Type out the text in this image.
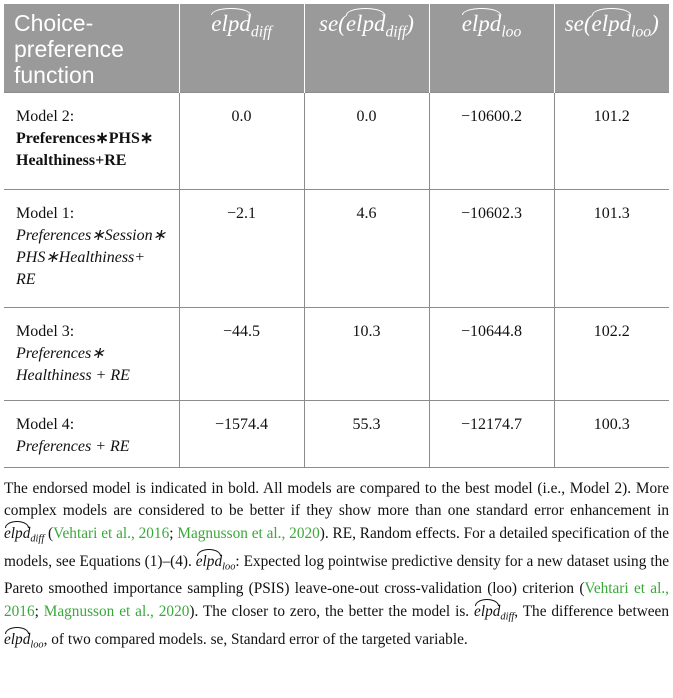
Choice-
preference
function	elpd$_{diff}$	se(elpd$_{diff}$)	elpd$_{loo}$	se(elpd$_{loo}$)

Model 2:
Preferences∗PHS∗
Healthiness+RE	0.0	0.0	−10600.2	101.2

Model 1:
Preferences∗Session∗
PHS∗Healthiness+
RE	−2.1	4.6	−10602.3	101.3

Model 3:
Preferences∗
Healthiness + RE	−44.5	10.3	−10644.8	102.2

Model 4:
Preferences + RE	−1574.4	55.3	−12174.7	100.3
The endorsed model is indicated in bold. All models are compared to the best model (i.e., Model 2). More complex models are considered to be better if they show more than one standard error enhancement in elpd$_{diff}$ (Vehtari et al., 2016; Magnusson et al., 2020). RE, Random effects. For a detailed specification of the models, see Equations (1)–(4). elpd$_{loo}$: Expected log pointwise predictive density for a new dataset using the Pareto smoothed importance sampling (PSIS) leave-one-out cross-validation (loo) criterion (Vehtari et al., 2016; Magnusson et al., 2020). The closer to zero, the better the model is. elpd$_{diff}$, The difference between elpd$_{loo}$, of two compared models. se, Standard error of the targeted variable.
